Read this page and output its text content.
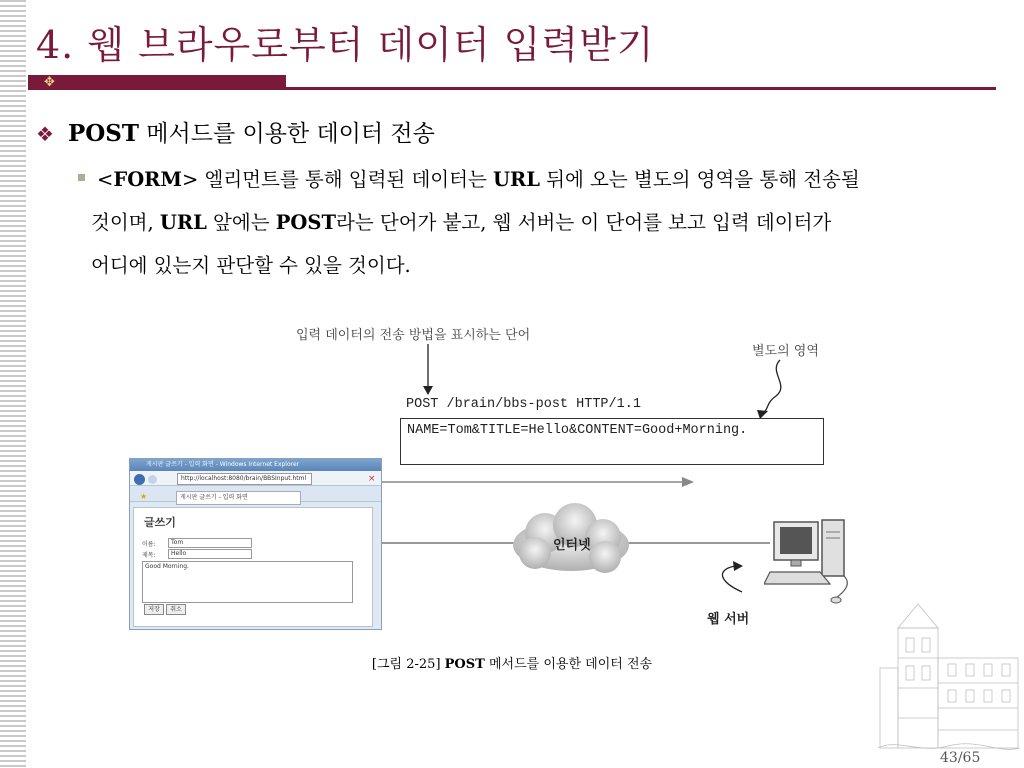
4. 웹 브라우로부터 데이터 입력받기
✥
❖ POST 메서드를 이용한 데이터 전송
<FORM> 엘리먼트를 통해 입력된 데이터는 URL 뒤에 오는 별도의 영역을 통해 전송될
것이며, URL 앞에는 POST라는 단어가 붙고, 웹 서버는 이 단어를 보고 입력 데이터가
어디에 있는지 판단할 수 있을 것이다.
입력 데이터의 전송 방법을 표시하는 단어
별도의 영역
POST /brain/bbs-post HTTP/1.1
NAME=Tom&TITLE=Hello&CONTENT=Good+Morning.
게시판 글쓰기 - 입력 화면 - Windows Internet Explorer
http://localhost:8080/brain/BBSInput.html	×
★	게시판 글쓰기 - 입력 화면
글쓰기
이름:	Tom
제목:	Hello
Good Morning.
저장	취소
인터넷
웹 서버
[그림 2-25] POST 메서드를 이용한 데이터 전송
43/65
